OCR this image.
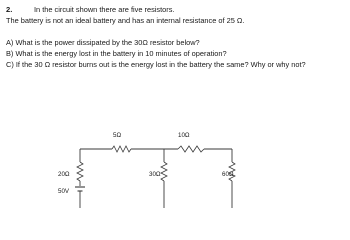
2.	In the circuit shown there are five resistors.
The battery is not an ideal battery and has an internal resistance of 25 Ω.
A) What is the power dissipated by the 30Ω resistor below?
B) What is the energy lost in the battery in 10 minutes of operation?
C) If the 30 Ω resistor burns out is the energy lost in the battery the same? Why or why not?
5Ω	10Ω
20Ω	30Ω	60Ω
50V
